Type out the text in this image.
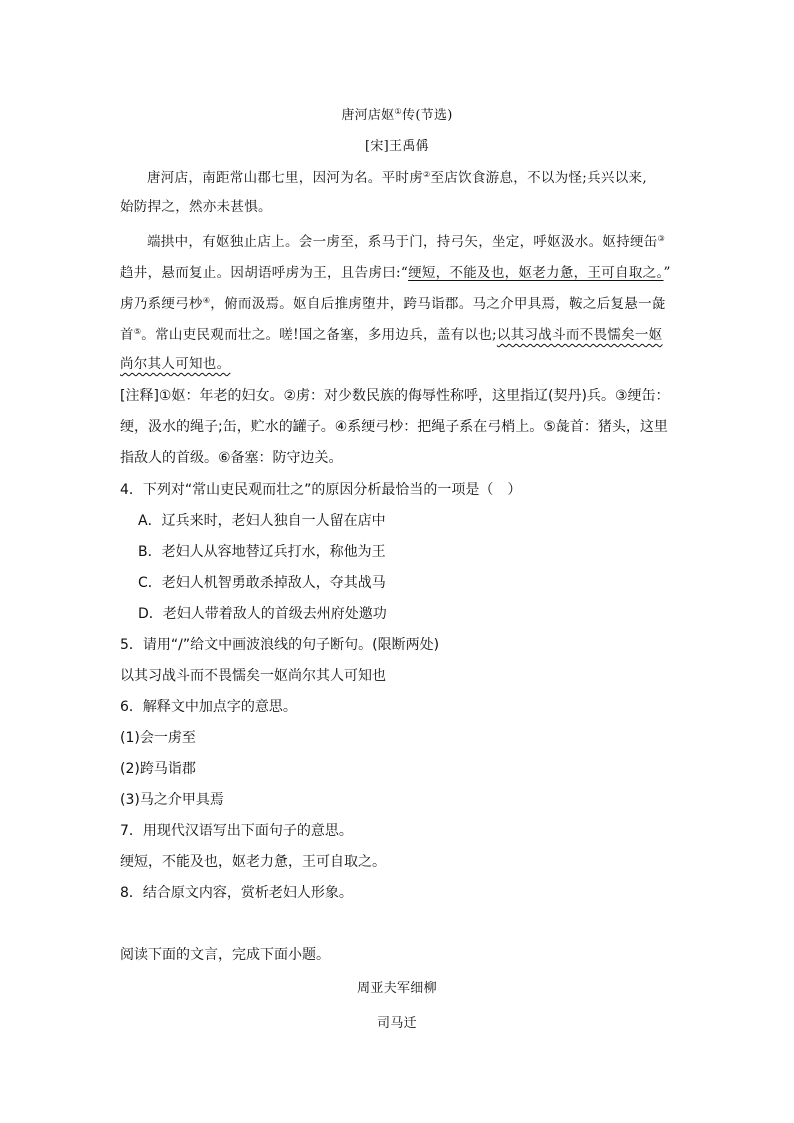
唐河店妪①传(节选)
[宋]王禹偁
唐河店，南距常山郡七里，因河为名。平时虏②至店饮食游息，不以为怪;兵兴以来,
始防捍之，然亦未甚惧。
端拱中，有妪独止店上。会一虏至，系马于门，持弓矢，坐定，呼妪汲水。妪持绠缶③
趋井，悬而复止。因胡语呼虏为王，且告虏曰:“绠短，不能及也，妪老力惫，王可自取之。”
虏乃系绠弓杪④，俯而汲焉。妪自后推虏堕井，跨马诣郡。马之介甲具焉，鞍之后复悬一彘
首⑤。常山吏民观而壮之。嗟!国之备塞，多用边兵，盖有以也;以其习战斗而不畏懦矣一妪
尚尔其人可知也。
[注释]①妪：年老的妇女。②虏：对少数民族的侮辱性称呼，这里指辽(契丹)兵。③绠缶：
绠，汲水的绳子;缶，贮水的罐子。④系绠弓杪：把绳子系在弓梢上。⑤彘首：猪头，这里
指敌人的首级。⑥备塞：防守边关。
4．下列对“常山吏民观而壮之”的原因分析最恰当的一项是（　）
A．辽兵来时，老妇人独自一人留在店中
B．老妇人从容地替辽兵打水，称他为王
C．老妇人机智勇敢杀掉敌人，夺其战马
D．老妇人带着敌人的首级去州府处邀功
5．请用“/”给文中画波浪线的句子断句。(限断两处)
以其习战斗而不畏懦矣一妪尚尔其人可知也
6．解释文中加点字的意思。
(1)会一虏至
(2)跨马诣郡
(3)马之介甲具焉
7．用现代汉语写出下面句子的意思。
绠短，不能及也，妪老力惫，王可自取之。
8．结合原文内容，赏析老妇人形象。
阅读下面的文言，完成下面小题。
周亚夫军细柳
司马迁
